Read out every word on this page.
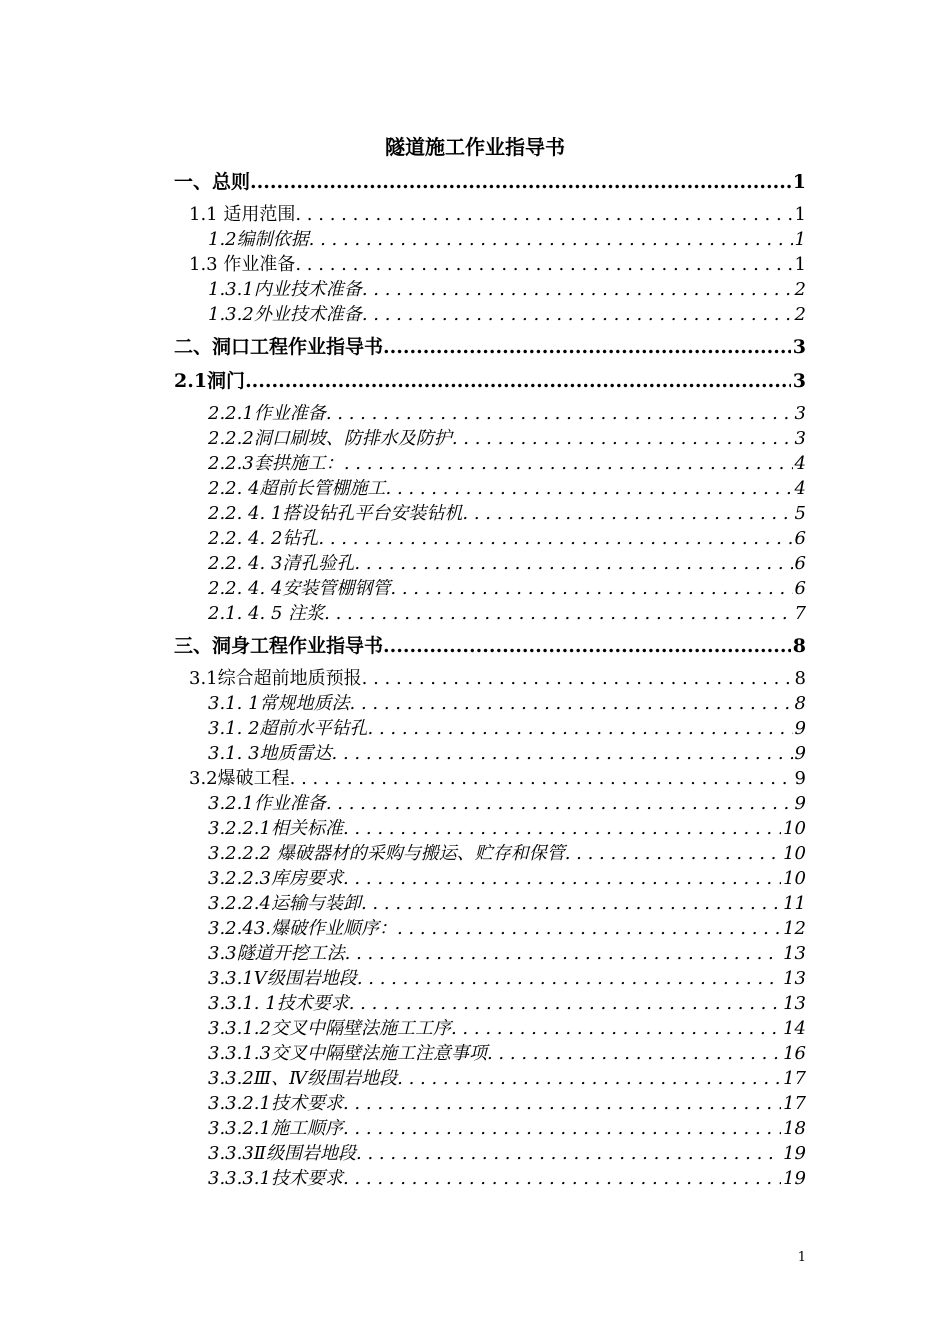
隧道施工作业指导书
一、总则 .....	1
1.1 适用范围 . . .	1
1.2编制依据 . . .	1
1.3 作业准备 . . .	1
1.3.1内业技术准备 . . .	2
1.3.2外业技术准备 . . .	2
二、洞口工程作业指导书 .....	3
2.1洞门 .....	3
2.2.1作业准备 . . .	3
2.2.2洞口刷坡、防排水及防护 . . .	3
2.2.3套拱施工： . . .	4
2.2. 4超前长管棚施工 . . .	4
2.2. 4. 1搭设钻孔平台安装钻机 . . .	5
2.2. 4. 2钻孔 . . .	6
2.2. 4. 3清孔验孔 . . .	6
2.2. 4. 4安装管棚钢管 . . .	6
2.1. 4. 5 注浆 . . .	7
三、洞身工程作业指导书 .....	8
3.1综合超前地质预报 . . .	8
3.1. 1常规地质法 . . .	8
3.1. 2超前水平钻孔 . . .	9
3.1. 3地质雷达 . . .	9
3.2爆破工程 . . .	9
3.2.1作业准备 . . .	9
3.2.2.1相关标准 . . .	10
3.2.2.2 爆破器材的采购与搬运、贮存和保管 . . .	10
3.2.2.3库房要求 . . .	10
3.2.2.4运输与装卸 . . .	11
3.2.43.爆破作业顺序： . . .	12
3.3隧道开挖工法 . . .	13
3.3.1Ⅴ级围岩地段 . . .	13
3.3.1. 1技术要求 . . .	13
3.3.1.2交叉中隔壁法施工工序 . . .	14
3.3.1.3交叉中隔壁法施工注意事项 . . .	16
3.3.2Ⅲ、Ⅳ级围岩地段 . . .	17
3.3.2.1技术要求 . . .	17
3.3.2.1施工顺序 . . .	18
3.3.3Ⅱ级围岩地段 . . .	19
3.3.3.1技术要求 . . .	19
1
